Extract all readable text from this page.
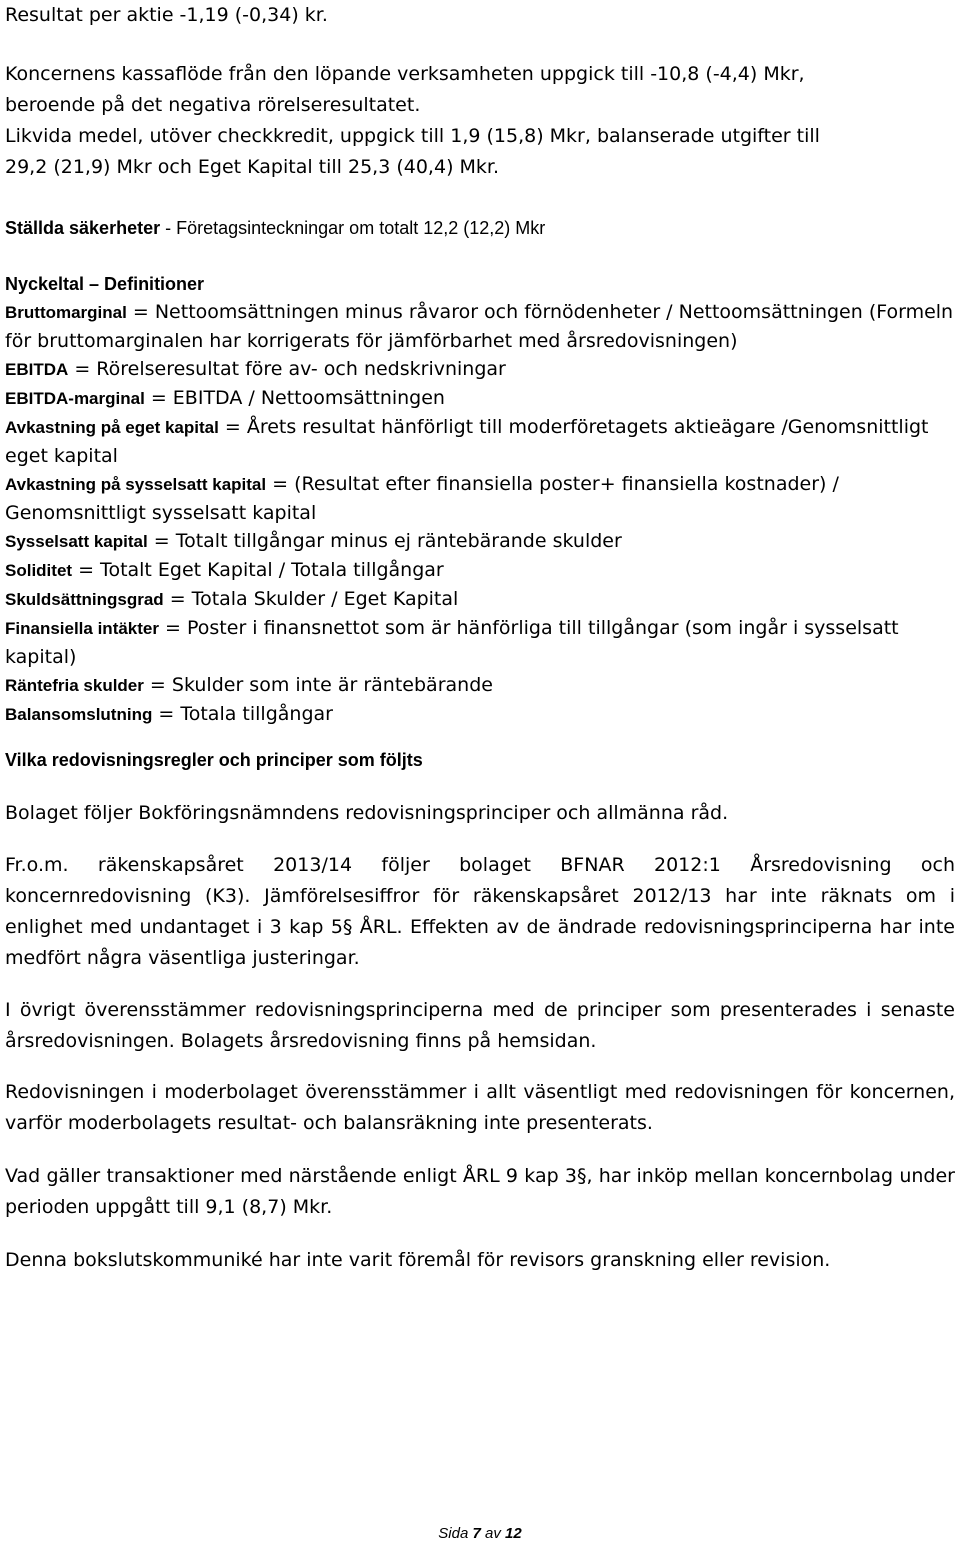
Resultat per aktie -1,19 (-0,34) kr.

Koncernens kassaflöde från den löpande verksamheten uppgick till -10,8 (-4,4) Mkr,

beroende på det negativa rörelseresultatet.

Likvida medel, utöver checkkredit, uppgick till 1,9 (15,8) Mkr, balanserade utgifter till

29,2 (21,9) Mkr och Eget Kapital till 25,3 (40,4) Mkr.

Ställda säkerheter - Företagsinteckningar om totalt 12,2 (12,2) Mkr

Nyckeltal – Definitioner

Bruttomarginal = Nettoomsättningen minus råvaror och förnödenheter / Nettoomsättningen (Formeln för bruttomarginalen har korrigerats för jämförbarhet med årsredovisningen)

EBITDA = Rörelseresultat före av- och nedskrivningar

EBITDA-marginal = EBITDA / Nettoomsättningen

Avkastning på eget kapital = Årets resultat hänförligt till moderföretagets aktieägare /Genomsnittligt eget kapital

Avkastning på sysselsatt kapital = (Resultat efter finansiella poster+ finansiella kostnader) / Genomsnittligt sysselsatt kapital

Sysselsatt kapital = Totalt tillgångar minus ej räntebärande skulder

Soliditet = Totalt Eget Kapital / Totala tillgångar

Skuldsättningsgrad = Totala Skulder / Eget Kapital

Finansiella intäkter = Poster i finansnettot som är hänförliga till tillgångar (som ingår i sysselsatt kapital)

Räntefria skulder = Skulder som inte är räntebärande

Balansomslutning = Totala tillgångar

Vilka redovisningsregler och principer som följts

Bolaget följer Bokföringsnämndens redovisningsprinciper och allmänna råd.

Fr.o.m. räkenskapsåret 2013/14 följer bolaget BFNAR 2012:1 Årsredovisning och koncernredovisning (K3). Jämförelsesiffror för räkenskapsåret 2012/13 har inte räknats om i enlighet med undantaget i 3 kap 5§ ÅRL. Effekten av de ändrade redovisningsprinciperna har inte medfört några väsentliga justeringar.

I övrigt överensstämmer redovisningsprinciperna med de principer som presenterades i senaste årsredovisningen. Bolagets årsredovisning finns på hemsidan.

Redovisningen i moderbolaget överensstämmer i allt väsentligt med redovisningen för koncernen, varför moderbolagets resultat- och balansräkning inte presenterats.

Vad gäller transaktioner med närstående enligt ÅRL 9 kap 3§, har inköp mellan koncernbolag under perioden uppgått till 9,1 (8,7) Mkr.

Denna bokslutskommuniké har inte varit föremål för revisors granskning eller revision.

Sida 7 av 12
